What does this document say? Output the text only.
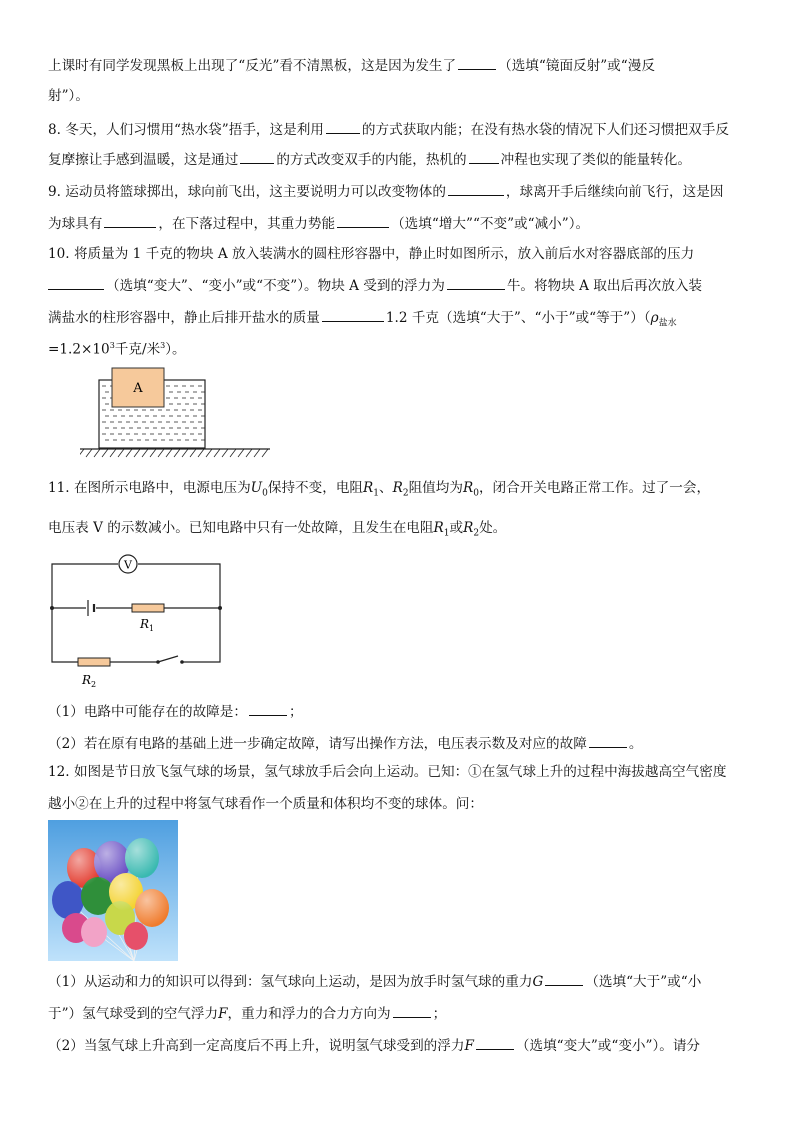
上课时有同学发现黑板上出现了“反光”看不清黑板，这是因为发生了	（选填“镜面反射”或“漫反
射”）。
8. 冬天，人们习惯用“热水袋”捂手，这是利用	的方式获取内能；在没有热水袋的情况下人们还习惯把双手反
复摩擦让手感到温暖，这是通过	的方式改变双手的内能，热机的	冲程也实现了类似的能量转化。
9. 运动员将篮球掷出，球向前飞出，这主要说明力可以改变物体的	，球离开手后继续向前飞行，这是因
为球具有	，在下落过程中，其重力势能	（选填“增大”“不变”或“减小”）。
10. 将质量为 1 千克的物块 A 放入装满水的圆柱形容器中，静止时如图所示，放入前后水对容器底部的压力
（选填“变大”、“变小”或“不变”）。物块 A 受到的浮力为	牛。将物块 A 取出后再次放入装
满盐水的柱形容器中，静止后排开盐水的质量	1.2 千克（选填“大于”、“小于”或“等于$”)(\rho_{盐水}$
$=1.2\times 10^3$千克/米$^3$）。
A
11. 在图所示电路中，电源电压为$U_0$保持不变，电阻$R_1$、$R_2$阻值均为$R_0$，闭合开关电路正常工作。过了一会，
电压表 V 的示数减小。已知电路中只有一处故障，且发生在电阻$R_1$或$R_2$处。
V
$R_1$
$R_2$
（1）电路中可能存在的故障是：	；
（2）若在原有电路的基础上进一步确定故障，请写出操作方法，电压表示数及对应的故障	。
12. 如图是节日放飞氢气球的场景，氢气球放手后会向上运动。已知：①在氢气球上升的过程中海拔越高空气密度
越小②在上升的过程中将氢气球看作一个质量和体积均不变的球体。问：
（1）从运动和力的知识可以得到：氢气球向上运动，是因为放手时氢气球的重力G	（选填“大于”或“小
于”）氢气球受到的空气浮力F，重力和浮力的合力方向为	；
（2）当氢气球上升高到一定高度后不再上升，说明氢气球受到的浮力F	（选填“变大”或“变小”）。请分
